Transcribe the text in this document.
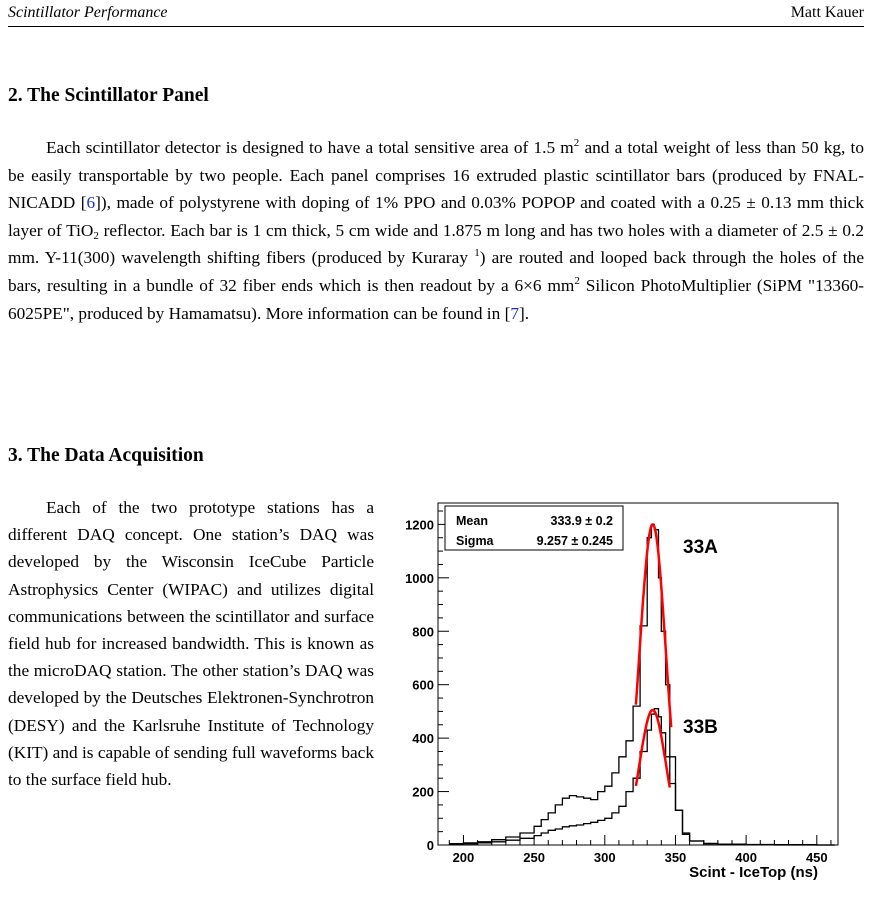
Scintillator Performance	Matt Kauer
2. The Scintillator Panel

Each scintillator detector is designed to have a total sensitive area of 1.5 $m^2$ and a total weight of less than 50 kg, to be easily transportable by two people. Each panel comprises 16 extruded plastic scintillator bars (produced by FNAL-NICADD [6]), made of polystyrene with doping of 1% PPO and 0.03% POPOP and coated with a 0.25 ± 0.13 mm thick layer of TiO$_2$ reflector. Each bar is 1 cm thick, 5 cm wide and 1.875 m long and has two holes with a diameter of 2.5 ± 0.2 mm. Y-11(300) wavelength shifting fibers (produced by Kuraray $^1$) are routed and looped back through the holes of the bars, resulting in a bundle of 32 fiber ends which is then readout by a 6×6 $mm^2$ Silicon PhotoMultiplier (SiPM "13360-6025PE", produced by Hamamatsu). More information can be found in [7].

3. The Data Acquisition

Each of the two prototype stations has a different DAQ concept. One station’s DAQ was developed by the Wisconsin IceCube Particle Astrophysics Center (WIPAC) and utilizes digital communications between the scintillator and surface field hub for increased bandwidth. This is known as the microDAQ station. The other station’s DAQ was developed by the Deutsches Elektronen-Synchrotron (DESY) and the Karlsruhe Institute of Technology (KIT) and is capable of sending full waveforms back to the surface field hub.

200	250	300	350	400	450
0
200
400
600
800
1000
1200 Mean	333.9 ± 0.2
Sigma	9.257 ± 0.245	33A
33B
Scint - IceTop (ns)
